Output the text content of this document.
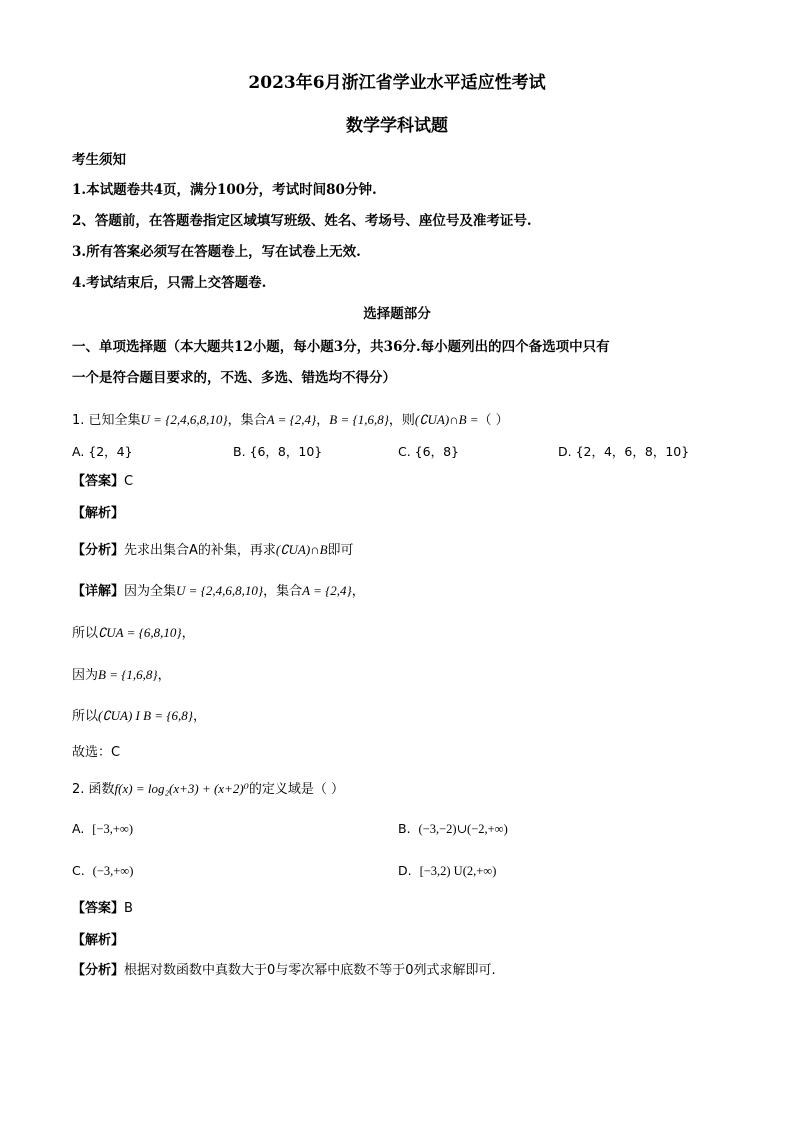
2023年6月浙江省学业水平适应性考试
数学学科试题
考生须知
1.本试题卷共4页，满分100分，考试时间80分钟.
2、答题前，在答题卷指定区域填写班级、姓名、考场号、座位号及准考证号.
3.所有答案必须写在答题卷上，写在试卷上无效.
4.考试结束后，只需上交答题卷.
选择题部分
一、单项选择题（本大题共12小题，每小题3分，共36分.每小题列出的四个备选项中只有
一个是符合题目要求的，不选、多选、错选均不得分）
1. 已知全集U = {2,4,6,8,10}，集合A = {2,4}，B = {1,6,8}，则(∁UA)∩B =（ ）
A. {2，4}	B. {6，8，10}	C. {6，8}	D. {2，4，6，8，10}
【答案】C
【解析】
【分析】先求出集合A的补集，再求(∁UA)∩B即可
【详解】因为全集U = {2,4,6,8,10}，集合A = {2,4}，
所以∁UA = {6,8,10}，
因为B = {1,6,8}，
所以(∁UA) I B = {6,8}，
故选：C
2. 函数f(x) = log₂(x+3) + (x+2)⁰的定义域是（ ）
A. [−3,+∞)	B. (−3,−2)∪(−2,+∞)
C. (−3,+∞)	D. [−3,2) U(2,+∞)
【答案】B
【解析】
【分析】根据对数函数中真数大于0与零次幂中底数不等于0列式求解即可.
